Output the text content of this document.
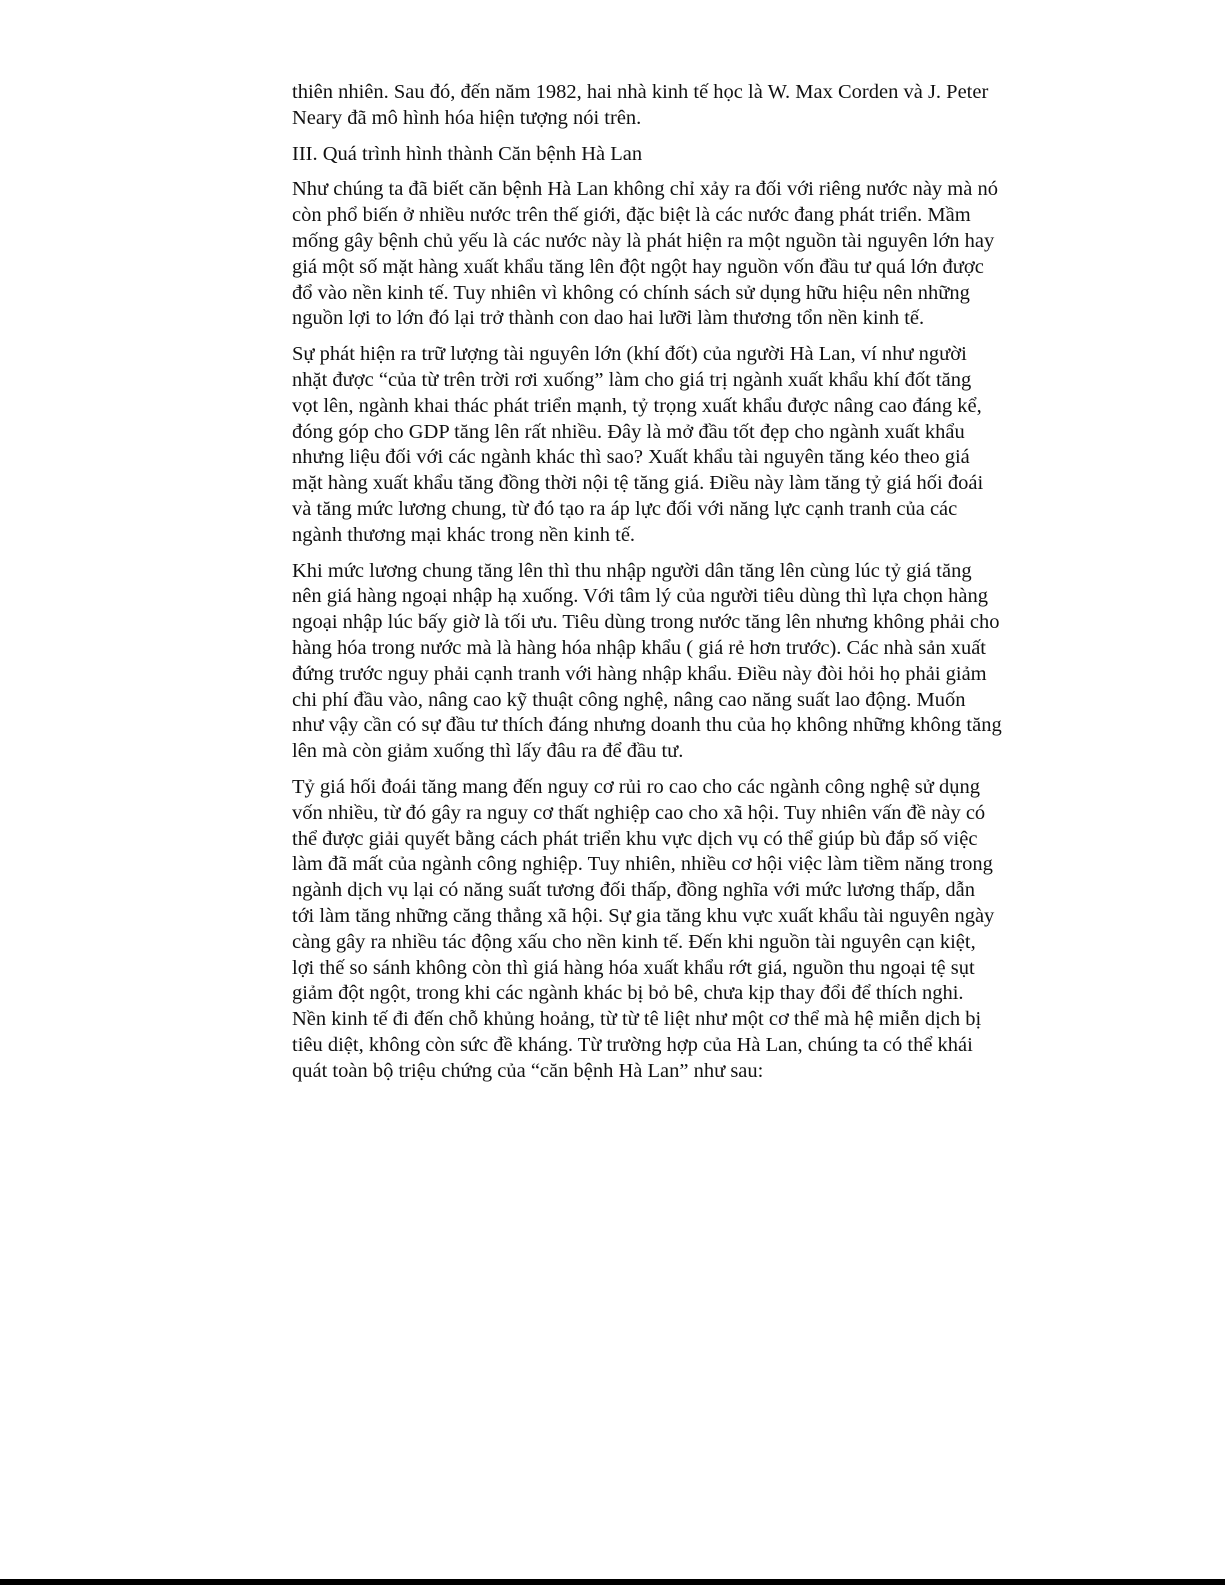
thiên nhiên. Sau đó, đến năm 1982, hai nhà kinh tế học là W. Max Corden và J. Peter Neary đã mô hình hóa hiện tượng nói trên.

III. Quá trình hình thành Căn bệnh Hà Lan

Như chúng ta đã biết căn bệnh Hà Lan không chỉ xảy ra đối với riêng nước này mà nó còn phổ biến ở nhiều nước trên thế giới, đặc biệt là các nước đang phát triển. Mầm mống gây bệnh chủ yếu là các nước này là phát hiện ra một nguồn tài nguyên lớn hay giá một số mặt hàng xuất khẩu tăng lên đột ngột hay nguồn vốn đầu tư quá lớn được đổ vào nền kinh tế. Tuy nhiên vì không có chính sách sử dụng hữu hiệu nên những nguồn lợi to lớn đó lại trở thành con dao hai lưỡi làm thương tổn nền kinh tế.

Sự phát hiện ra trữ lượng tài nguyên lớn (khí đốt) của người Hà Lan, ví như người nhặt được “của từ trên trời rơi xuống” làm cho giá trị ngành xuất khẩu khí đốt tăng vọt lên, ngành khai thác phát triển mạnh, tỷ trọng xuất khẩu được nâng cao đáng kể, đóng góp cho GDP tăng lên rất nhiều. Đây là mở đầu tốt đẹp cho ngành xuất khẩu nhưng liệu đối với các ngành khác thì sao? Xuất khẩu tài nguyên tăng kéo theo giá mặt hàng xuất khẩu tăng đồng thời nội tệ tăng giá. Điều này làm tăng tỷ giá hối đoái và tăng mức lương chung, từ đó tạo ra áp lực đối với năng lực cạnh tranh của các ngành thương mại khác trong nền kinh tế.

Khi mức lương chung tăng lên thì thu nhập người dân tăng lên cùng lúc tỷ giá tăng nên giá hàng ngoại nhập hạ xuống. Với tâm lý của người tiêu dùng thì lựa chọn hàng ngoại nhập lúc bấy giờ là tối ưu. Tiêu dùng trong nước tăng lên nhưng không phải cho hàng hóa trong nước mà là hàng hóa nhập khẩu ( giá rẻ hơn trước). Các nhà sản xuất đứng trước nguy phải cạnh tranh với hàng nhập khẩu. Điều này đòi hỏi họ phải giảm chi phí đầu vào, nâng cao kỹ thuật công nghệ, nâng cao năng suất lao động. Muốn như vậy cần có sự đầu tư thích đáng nhưng doanh thu của họ không những không tăng lên mà còn giảm xuống thì lấy đâu ra để đầu tư.

Tỷ giá hối đoái tăng mang đến nguy cơ rủi ro cao cho các ngành công nghệ sử dụng vốn nhiều, từ đó gây ra nguy cơ thất nghiệp cao cho xã hội. Tuy nhiên vấn đề này có thể được giải quyết bằng cách phát triển khu vực dịch vụ có thể giúp bù đắp số việc làm đã mất của ngành công nghiệp. Tuy nhiên, nhiều cơ hội việc làm tiềm năng trong ngành dịch vụ lại có năng suất tương đối thấp, đồng nghĩa với mức lương thấp, dẫn tới làm tăng những căng thẳng xã hội. Sự gia tăng khu vực xuất khẩu tài nguyên ngày càng gây ra nhiều tác động xấu cho nền kinh tế. Đến khi nguồn tài nguyên cạn kiệt, lợi thế so sánh không còn thì giá hàng hóa xuất khẩu rớt giá, nguồn thu ngoại tệ sụt giảm đột ngột, trong khi các ngành khác bị bỏ bê, chưa kịp thay đổi để thích nghi. Nền kinh tế đi đến chỗ khủng hoảng, từ từ tê liệt như một cơ thể mà hệ miễn dịch bị tiêu diệt, không còn sức đề kháng. Từ trường hợp của Hà Lan, chúng ta có thể khái quát toàn bộ triệu chứng của “căn bệnh Hà Lan” như sau:
